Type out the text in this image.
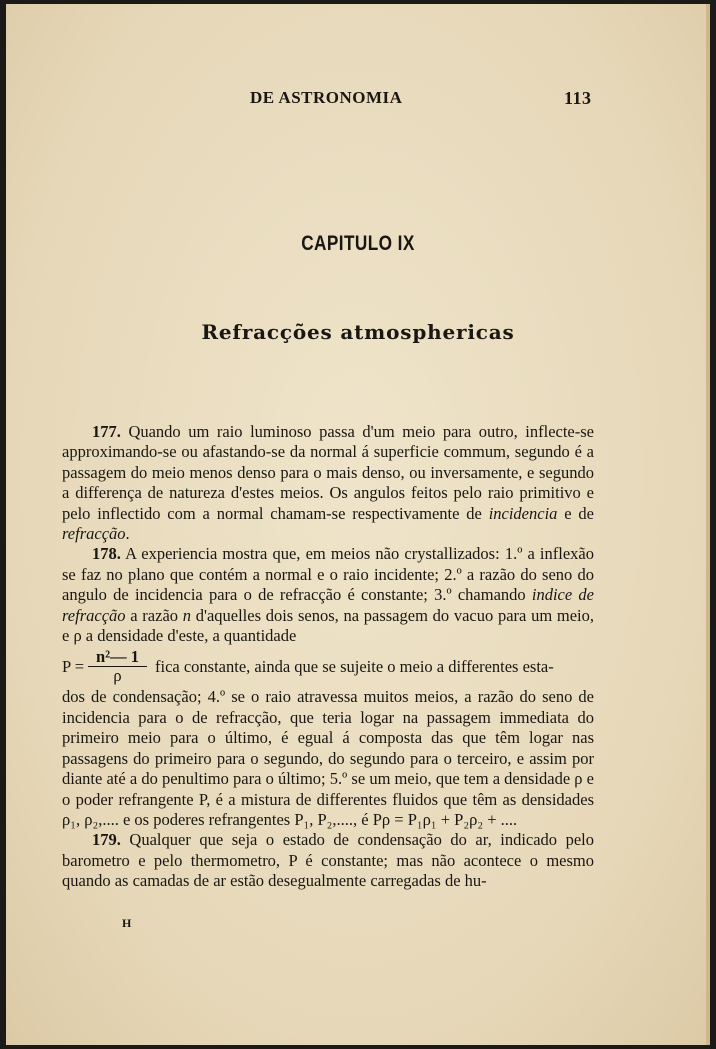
DE ASTRONOMIA	113
CAPITULO IX
Refracções atmosphericas

177. Quando um raio luminoso passa d'um meio para outro, inflecte-se approximando-se ou afastando-se da normal á superficie commum, segundo é a passagem do meio menos denso para o mais denso, ou inversamente, e segundo a differença de natureza d'estes meios. Os angulos feitos pelo raio primitivo e pelo inflectido com a normal chamam-se respectivamente de incidencia e de refracção.

178. A experiencia mostra que, em meios não crystallizados: 1.º a inflexão se faz no plano que contém a normal e o raio incidente; 2.º a razão do seno do angulo de incidencia para o de refracção é constante; 3.º chamando indice de refracção a razão n d'aquelles dois senos, na passagem do vacuo para um meio, e ρ a densidade d'este, a quantidade

$P = \frac{\text{n²— 1}}{\rho}$ fica constante, ainda que se sujeite o meio a differentes esta-

dos de condensação; 4.º se o raio atravessa muitos meios, a razão do seno de incidencia para o de refracção, que teria logar na passagem immediata do primeiro meio para o último, é egual á composta das que têm logar nas passagens do primeiro para o segundo, do segundo para o terceiro, e assim por diante até a do penultimo para o último; 5.º se um meio, que tem a densidade ρ e o poder refrangente P, é a mistura de differentes fluidos que têm as densidades ρ₁, ρ₂,.... e os poderes refrangentes P₁, P₂,...., é Pρ = P₁ρ₁ + P₂ρ₂ + ....

179. Qualquer que seja o estado de condensação do ar, indicado pelo barometro e pelo thermometro, P é constante; mas não acontece o mesmo quando as camadas de ar estão desegualmente carregadas de hu-

H
